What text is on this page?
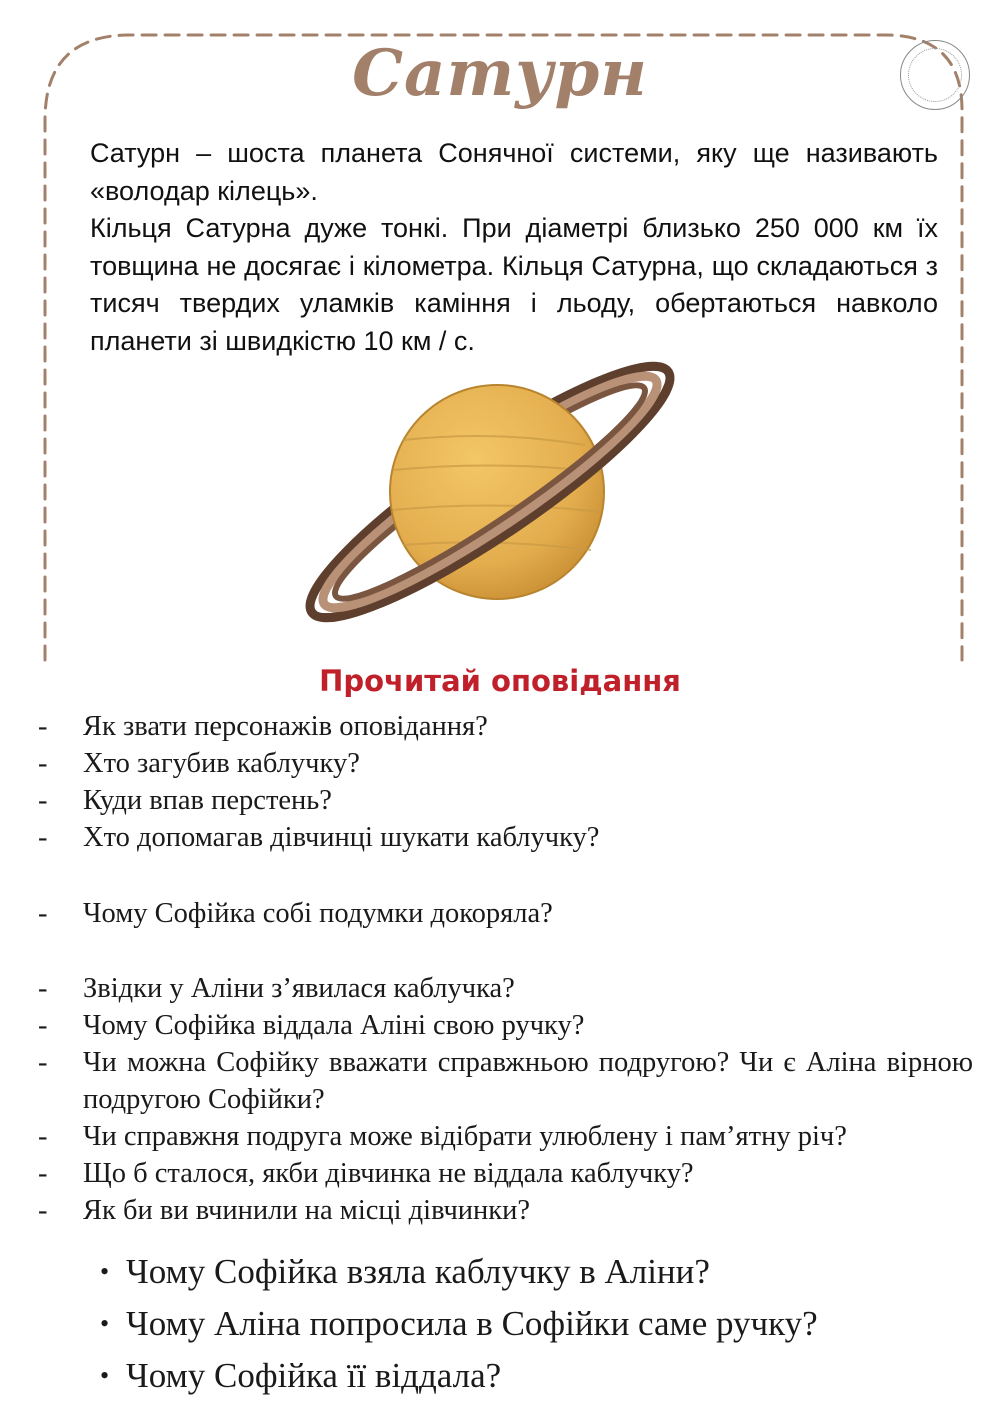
Сатурн

Сатурн – шоста планета Сонячної системи, яку ще називають «володар кілець».

Кільця Сатурна дуже тонкі. При діаметрі близько 250 000 км їх товщина не досягає і кілометра. Кільця Сатурна, що складаються з тисяч твердих уламків каміння і льоду, обертаються навколо планети зі швидкістю 10 км / с.

Прочитай оповідання
-	Як звати персонажів оповідання?
-	Хто загубив каблучку?
-	Куди впав перстень?
-	Хто допомагав дівчинці шукати каблучку?
-	Чому Софійка собі подумки докоряла?
-	Звідки у Аліни з’явилася каблучка?
-	Чому Софійка віддала Аліні свою ручку?
-	Чи можна Софійку вважати справжньою подругою? Чи є Аліна вірною подругою Софійки?
-	Чи справжня подруга може відібрати улюблену і пам’ятну річ?
-	Що б сталося, якби дівчинка не віддала каблучку?
-	Як би ви вчинили на місці дівчинки?
• Чому Софійка взяла каблучку в Аліни?
• Чому Аліна попросила в Софійки саме ручку?
• Чому Софійка її віддала?
